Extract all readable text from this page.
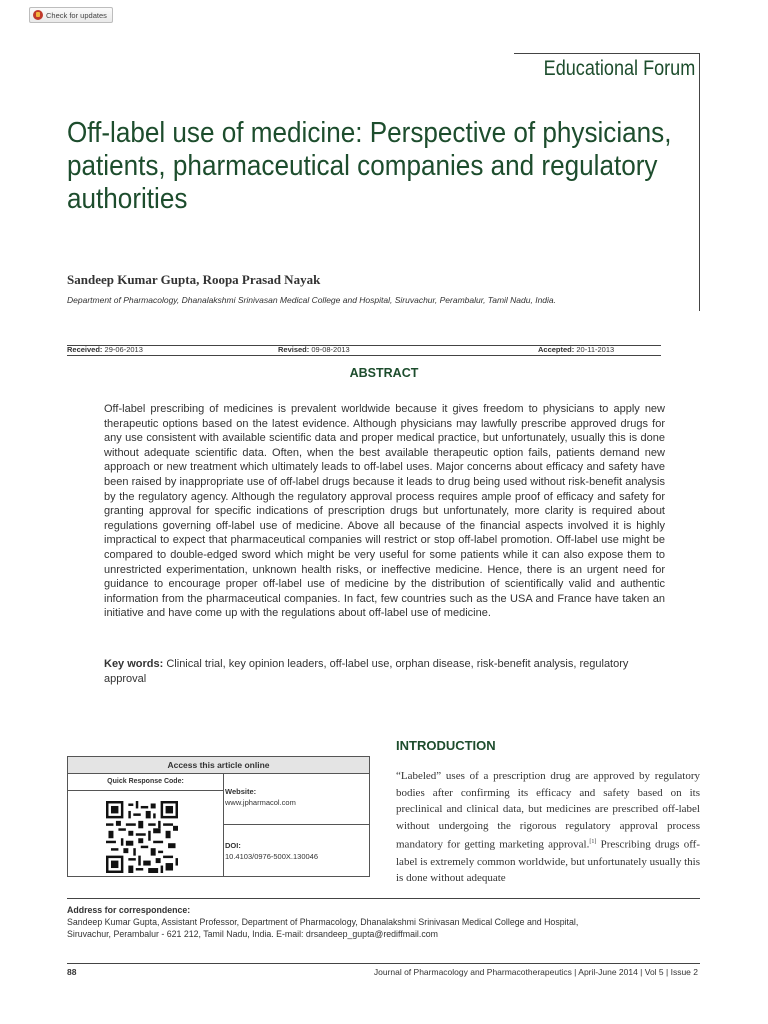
Check for updates
Educational Forum
Off-label use of medicine: Perspective of physicians,
patients, pharmaceutical companies and regulatory
authorities
Sandeep Kumar Gupta, Roopa Prasad Nayak
Department of Pharmacology, Dhanalakshmi Srinivasan Medical College and Hospital, Siruvachur, Perambalur, Tamil Nadu, India.
Received: 29-06-2013	Revised: 09-08-2013	Accepted: 20-11-2013
ABSTRACT
Off-label prescribing of medicines is prevalent worldwide because it gives freedom to physicians to apply new therapeutic options based on the latest evidence. Although physicians may lawfully prescribe approved drugs for any use consistent with available scientific data and proper medical practice, but unfortunately, usually this is done without adequate scientific data. Often, when the best available therapeutic option fails, patients demand new approach or new treatment which ultimately leads to off-label uses. Major concerns about efficacy and safety have been raised by inappropriate use of off-label drugs because it leads to drug being used without risk-benefit analysis by the regulatory agency. Although the regulatory approval process requires ample proof of efficacy and safety for granting approval for specific indications of prescription drugs but unfortunately, more clarity is required about regulations governing off-label use of medicine. Above all because of the financial aspects involved it is highly impractical to expect that pharmaceutical companies will restrict or stop off-label promotion. Off-label use might be compared to double-edged sword which might be very useful for some patients while it can also expose them to unrestricted experimentation, unknown health risks, or ineffective medicine. Hence, there is an urgent need for guidance to encourage proper off-label use of medicine by the distribution of scientifically valid and authentic information from the pharmaceutical companies. In fact, few countries such as the USA and France have taken an initiative and have come up with the regulations about off-label use of medicine.
Key words: Clinical trial, key opinion leaders, off-label use, orphan disease, risk-benefit analysis, regulatory approval
Access this article online
Quick Response Code:
Website:
www.jpharmacol.com
DOI:
10.4103/0976-500X.130046
INTRODUCTION
“Labeled” uses of a prescription drug are approved by regulatory bodies after confirming its efficacy and safety based on its preclinical and clinical data, but medicines are prescribed off-label without undergoing the rigorous regulatory approval process mandatory for getting marketing approval.[1] Prescribing drugs off-label is extremely common worldwide, but unfortunately usually this is done without adequate
Address for correspondence:
Sandeep Kumar Gupta, Assistant Professor, Department of Pharmacology, Dhanalakshmi Srinivasan Medical College and Hospital,
Siruvachur, Perambalur - 621 212, Tamil Nadu, India. E-mail: drsandeep_gupta@rediffmail.com
88	Journal of Pharmacology and Pharmacotherapeutics | April-June 2014 | Vol 5 | Issue 2
